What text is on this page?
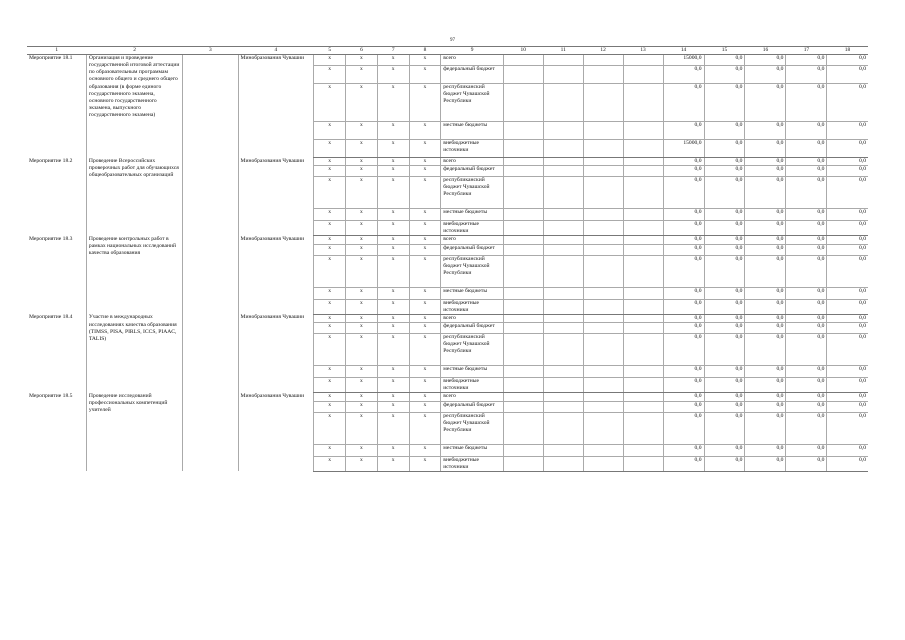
97
1	2	3	4	5	6	7	8	9	10	11	12	13	14	15	16	17	18
Мероприятие 18.1	Организация и проведение государственной итоговой аттестации по образовательным программам основного общего и среднего общего образования (в форме единого государственного экзамена, основного государственного экзамена, выпускного государственного экзамена)		Минобразования Чувашии	x	x	x	x	всего					15000,0	0,0	0,0	0,0	0,0
				x	x	x	x	федеральный бюджет					0,0	0,0	0,0	0,0	0,0
				x	x	x	x	республиканский бюджет Чувашской Республики					0,0	0,0	0,0	0,0	0,0
				x	x	x	x	местные бюджеты					0,0	0,0	0,0	0,0	0,0
				x	x	x	x	внебюджетные источники					15000,0	0,0	0,0	0,0	0,0
Мероприятие 18.2	Проведение Всероссийских проверочных работ для обучающихся общеобразовательных организаций		Минобразования Чувашии	x	x	x	x	всего					0,0	0,0	0,0	0,0	0,0
				x	x	x	x	федеральный бюджет					0,0	0,0	0,0	0,0	0,0
				x	x	x	x	республиканский бюджет Чувашской Республики					0,0	0,0	0,0	0,0	0,0
				x	x	x	x	местные бюджеты					0,0	0,0	0,0	0,0	0,0
				x	x	x	x	внебюджетные источники					0,0	0,0	0,0	0,0	0,0
Мероприятие 18.3	Проведение контрольных работ в рамках национальных исследований качества образования		Минобразования Чувашии	x	x	x	x	всего					0,0	0,0	0,0	0,0	0,0
				x	x	x	x	федеральный бюджет					0,0	0,0	0,0	0,0	0,0
				x	x	x	x	республиканский бюджет Чувашской Республики					0,0	0,0	0,0	0,0	0,0
				x	x	x	x	местные бюджеты					0,0	0,0	0,0	0,0	0,0
				x	x	x	x	внебюджетные источники					0,0	0,0	0,0	0,0	0,0
Мероприятие 18.4	Участие в международных исследованиях качества образования (TIMSS, PISA, PIRLS, ICCS, PIAAC, TALIS)		Минобразования Чувашии	x	x	x	x	всего					0,0	0,0	0,0	0,0	0,0
				x	x	x	x	федеральный бюджет					0,0	0,0	0,0	0,0	0,0
				x	x	x	x	республиканский бюджет Чувашской Республики					0,0	0,0	0,0	0,0	0,0
				x	x	x	x	местные бюджеты					0,0	0,0	0,0	0,0	0,0
				x	x	x	x	внебюджетные источники					0,0	0,0	0,0	0,0	0,0
Мероприятие 18.5	Проведение исследований профессиональных компетенций учителей		Минобразования Чувашии	x	x	x	x	всего					0,0	0,0	0,0	0,0	0,0
				x	x	x	x	федеральный бюджет					0,0	0,0	0,0	0,0	0,0
				x	x	x	x	республиканский бюджет Чувашской Республики					0,0	0,0	0,0	0,0	0,0
				x	x	x	x	местные бюджеты					0,0	0,0	0,0	0,0	0,0
				x	x	x	x	внебюджетные источники					0,0	0,0	0,0	0,0	0,0
